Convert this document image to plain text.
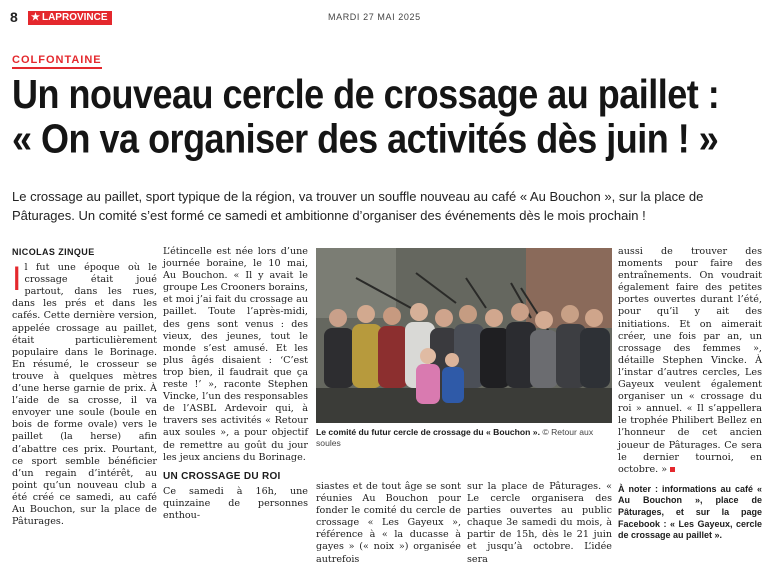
8	★ LAPROVINCE	MARDI 27 MAI 2025
COLFONTAINE
Un nouveau cercle de crossage au paillet :
« On va organiser des activités dès juin ! »
Le crossage au paillet, sport typique de la région, va trouver un souffle nouveau au café « Au Bouchon », sur la place de Pâturages. Un comité s’est formé ce samedi et ambitionne d’organiser des événements dès le mois prochain !
NICOLAS ZINQUE

Il fut une époque où le crossage était joué partout, dans les rues, dans les prés et dans les cafés. Cette dernière version, appelée crossage au paillet, était particulièrement populaire dans le Borinage. En résumé, le crosseur se trouve à quelques mètres d’une herse garnie de prix. À l’aide de sa crosse, il va envoyer une soule (boule en bois de forme ovale) vers le paillet (la herse) afin d’abattre ces prix. Pourtant, ce sport semble bénéficier d’un regain d’intérêt, au point qu’un nouveau club a été créé ce samedi, au café Au Bouchon, sur la place de Pâturages.

L’étincelle est née lors d’une journée boraine, le 10 mai, Au Bouchon. « Il y avait le groupe Les Crooners borains, et moi j’ai fait du crossage au paillet. Toute l’après-midi, des gens sont venus : des vieux, des jeunes, tout le monde s’est amusé. Et les plus âgés disaient : ‘C’est trop bien, il faudrait que ça reste !’ », raconte Stephen Vincke, l’un des responsables de l’ASBL Ardevoir qui, à travers ses activités « Retour aux soules », a pour objectif de remettre au goût du jour les jeux anciens du Borinage.

UN CROSSAGE DU ROI

Ce samedi à 16h, une quinzaine de personnes enthou-

Le comité du futur cercle de crossage du « Bouchon ». © Retour aux soules

siastes et de tout âge se sont réunies Au Bouchon pour fonder le comité du cercle de crossage « Les Gayeux », référence à « la ducasse à gayes » (« noix ») organisée autrefois

sur la place de Pâturages. « Le cercle organisera des parties ouvertes au public chaque 3e samedi du mois, à partir de 15h, dès le 21 juin et jusqu’à octobre. L’idée sera

aussi de trouver des moments pour faire des entraînements. On voudrait également faire des petites portes ouvertes durant l’été, pour qu’il y ait des initiations. Et on aimerait créer, une fois par an, un crossage des femmes », détaille Stephen Vincke. À l’instar d’autres cercles, Les Gayeux veulent également organiser un « crossage du roi » annuel. « Il s’appellera le trophée Philibert Bellez en l’honneur de cet ancien joueur de Pâturages. Ce sera le dernier tournoi, en octobre. »

À noter : informations au café « Au Bouchon », place de Pâturages, et sur la page Facebook : « Les Gayeux, cercle de crossage au paillet ».
